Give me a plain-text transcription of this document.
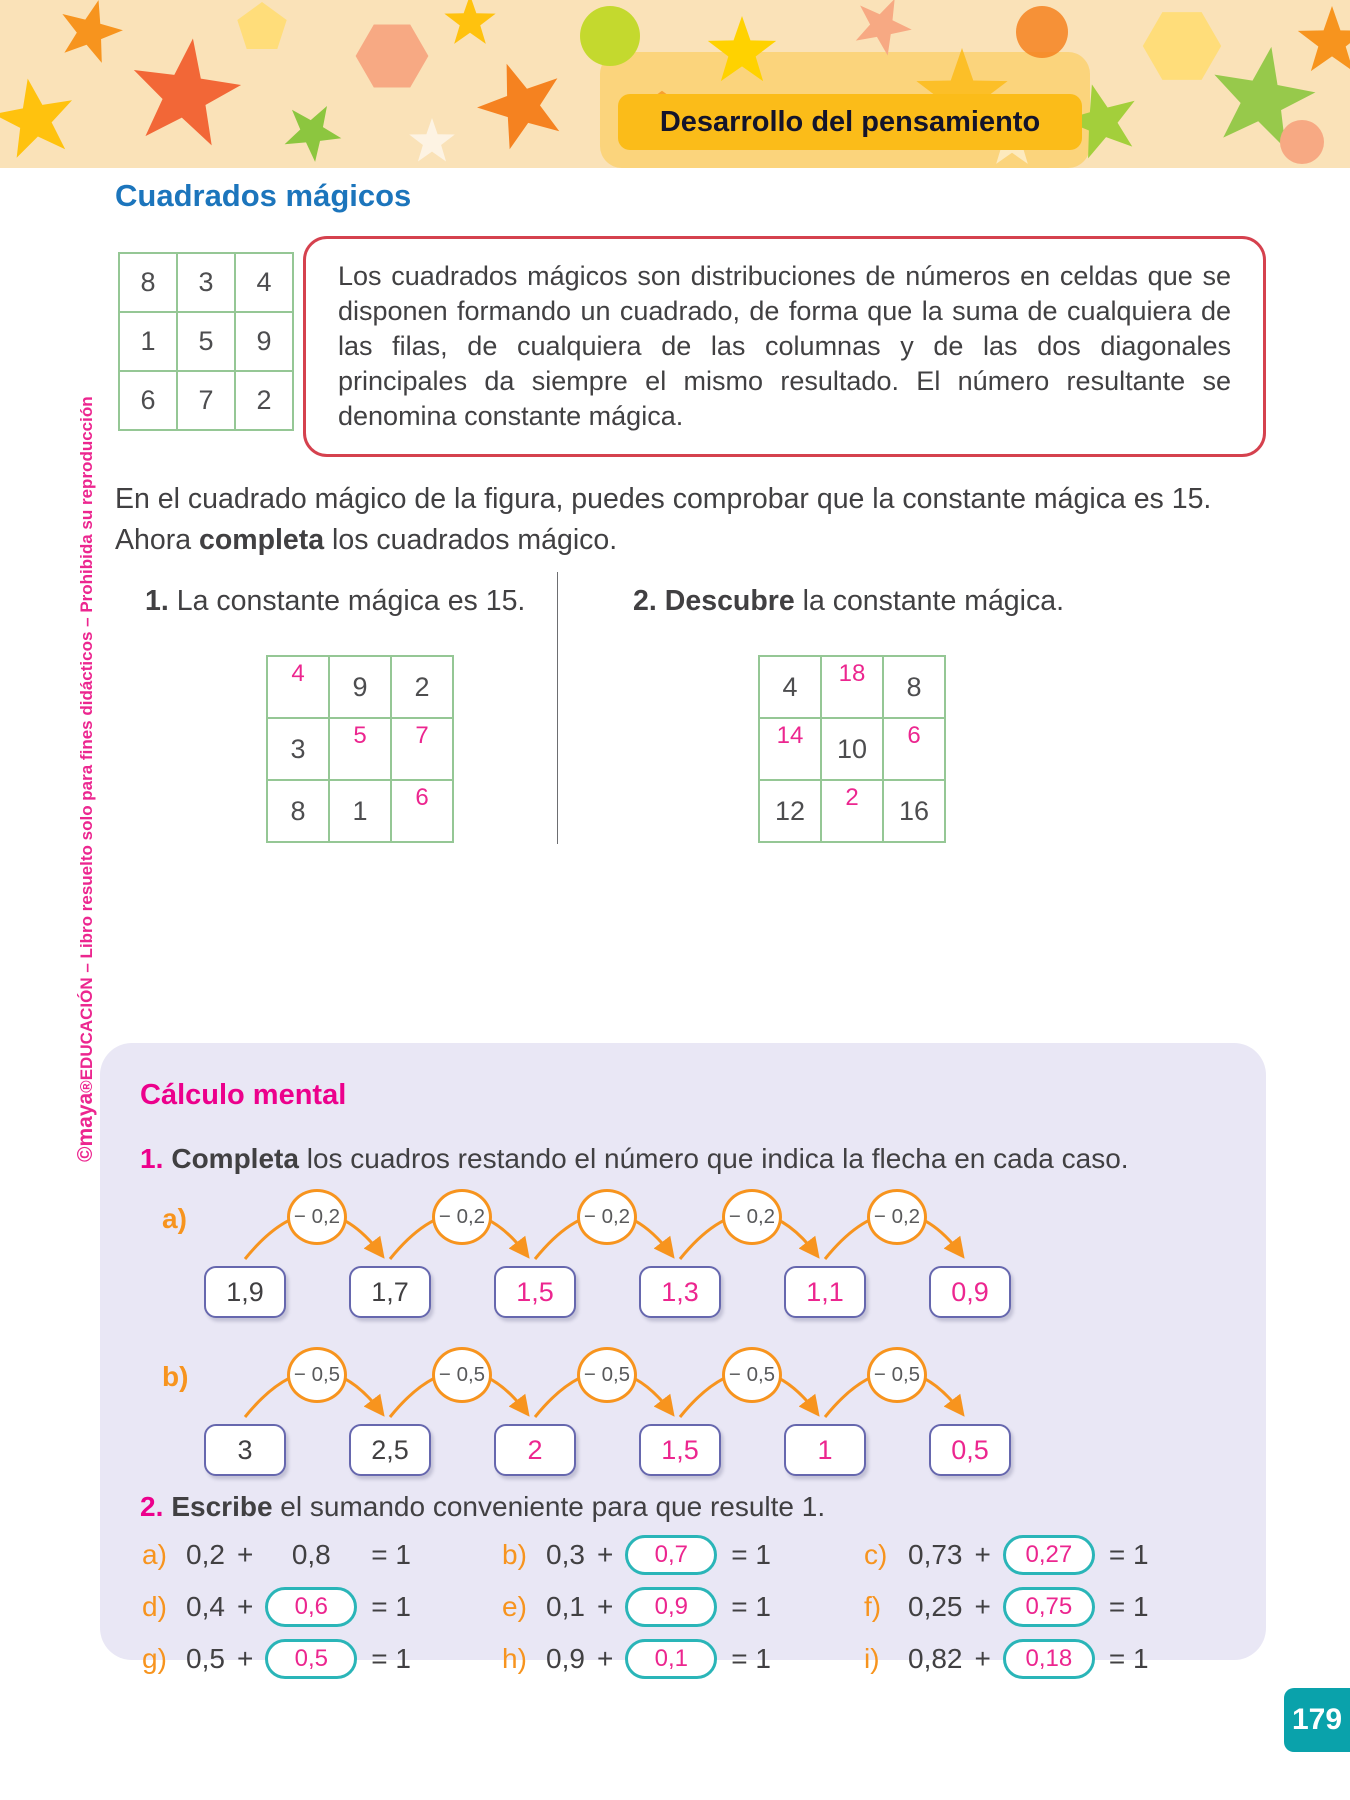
Desarrollo del pensamiento
Cuadrados mágicos
8	3	4
1	5	9
6	7	2
Los cuadrados mágicos son distribuciones de números en celdas que se disponen formando un cuadrado, de forma que la suma de cualquiera de las filas, de cualquiera de las columnas y de las dos diagonales principales da siempre el mismo resultado. El número resultante se denomina constante mágica.
En el cuadrado mágico de la figura, puedes comprobar que la constante mágica es 15.
Ahora completa los cuadrados mágico.
1. La constante mágica es 15.
4	9	2
3	5	7
8	1	6
2. Descubre la constante mágica.
4	18	8
14	10	6
12	2	16
Cálculo mental
1. Completa los cuadros restando el número que indica la flecha en cada caso.
a)	− 0,2	− 0,2	− 0,2	− 0,2	− 0,2
1,9	1,7	1,5	1,3	1,1	0,9
b)	− 0,5	− 0,5	− 0,5	− 0,5	− 0,5
3	2,5	2	1,5	1	0,5
2. Escribe el sumando conveniente para que resulte 1.
a) 0,2 +	0,8	= 1	b) 0,3 +	0,7	= 1	c) 0,73 +	0,27	= 1
d) 0,4 +	0,6	= 1	e) 0,1 +	0,9	= 1	f) 0,25 +	0,75	= 1
g) 0,5 +	0,5	= 1	h) 0,9 +	0,1	= 1	i)	0,82 +	0,18	= 1
©maya®EDUCACIÓN – Libro resuelto solo para fines didácticos – Prohibida su reproducción
179
